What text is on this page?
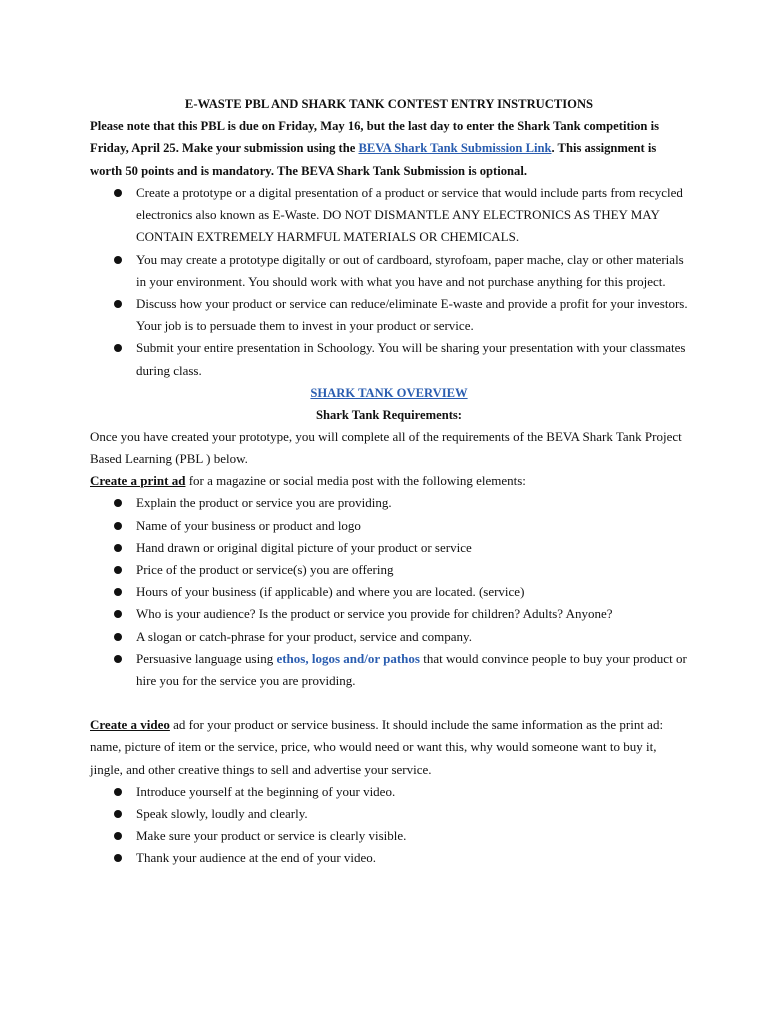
E-WASTE PBL AND SHARK TANK CONTEST ENTRY INSTRUCTIONS

Please note that this PBL is due on Friday, May 16, but the last day to enter the Shark Tank competition is Friday, April 25. Make your submission using the BEVA Shark Tank Submission Link. This assignment is worth 50 points and is mandatory. The BEVA Shark Tank Submission is optional.

Create a prototype or a digital presentation of a product or service that would include parts from recycled electronics also known as E-Waste. DO NOT DISMANTLE ANY ELECTRONICS AS THEY MAY CONTAIN EXTREMELY HARMFUL MATERIALS OR CHEMICALS.
You may create a prototype digitally or out of cardboard, styrofoam, paper mache, clay or other materials in your environment. You should work with what you have and not purchase anything for this project.
Discuss how your product or service can reduce/eliminate E-waste and provide a profit for your investors. Your job is to persuade them to invest in your product or service.
Submit your entire presentation in Schoology. You will be sharing your presentation with your classmates during class.
SHARK TANK OVERVIEW
Shark Tank Requirements:

Once you have created your prototype, you will complete all of the requirements of the BEVA Shark Tank Project Based Learning (PBL ) below.

Create a print ad for a magazine or social media post with the following elements:

Explain the product or service you are providing.
Name of your business or product and logo
Hand drawn or original digital picture of your product or service
Price of the product or service(s) you are offering
Hours of your business (if applicable) and where you are located. (service)
Who is your audience? Is the product or service you provide for children? Adults? Anyone?
A slogan or catch-phrase for your product, service and company.
Persuasive language using ethos, logos and/or pathos that would convince people to buy your product or hire you for the service you are providing.

Create a video ad for your product or service business. It should include the same information as the print ad: name, picture of item or the service, price, who would need or want this, why would someone want to buy it, jingle, and other creative things to sell and advertise your service.

Introduce yourself at the beginning of your video.
Speak slowly, loudly and clearly.
Make sure your product or service is clearly visible.
Thank your audience at the end of your video.
